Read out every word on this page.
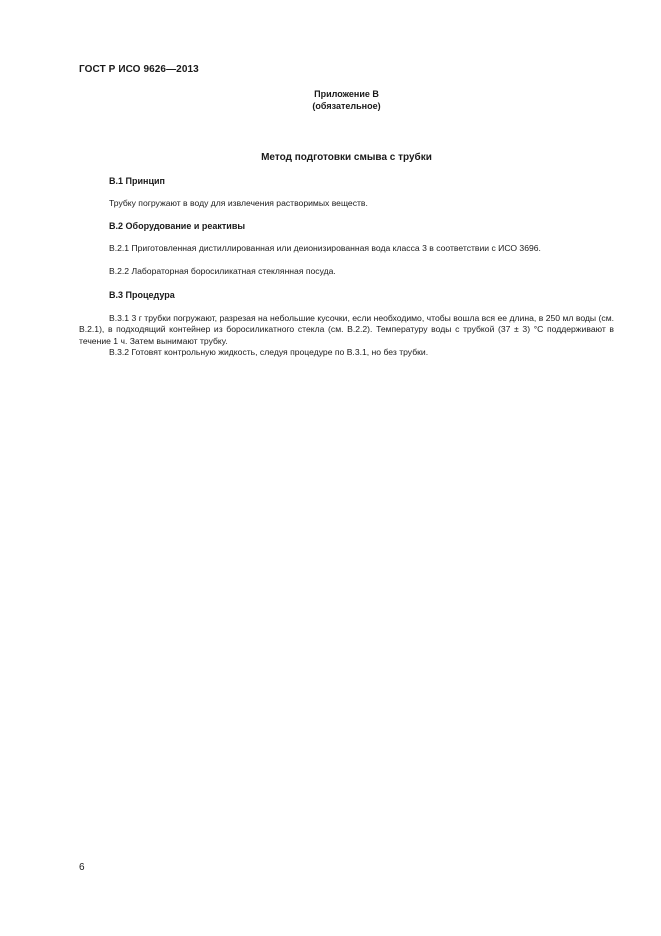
ГОСТ Р ИСО 9626—2013
Приложение В
(обязательное)
Метод подготовки смыва с трубки
В.1 Принцип
Трубку погружают в воду для извлечения растворимых веществ.
В.2 Оборудование и реактивы
В.2.1 Приготовленная дистиллированная или деионизированная вода класса 3 в соответствии с ИСО 3696.
В.2.2 Лабораторная боросиликатная стеклянная посуда.
В.3 Процедура
В.3.1 3 г трубки погружают, разрезая на небольшие кусочки, если необходимо, чтобы вошла вся ее длина, в 250 мл воды (см. В.2.1), в подходящий контейнер из боросиликатного стекла (см. В.2.2). Температуру воды с трубкой (37 ± 3) °С поддерживают в течение 1 ч. Затем вынимают трубку.
В.3.2 Готовят контрольную жидкость, следуя процедуре по В.3.1, но без трубки.
6
